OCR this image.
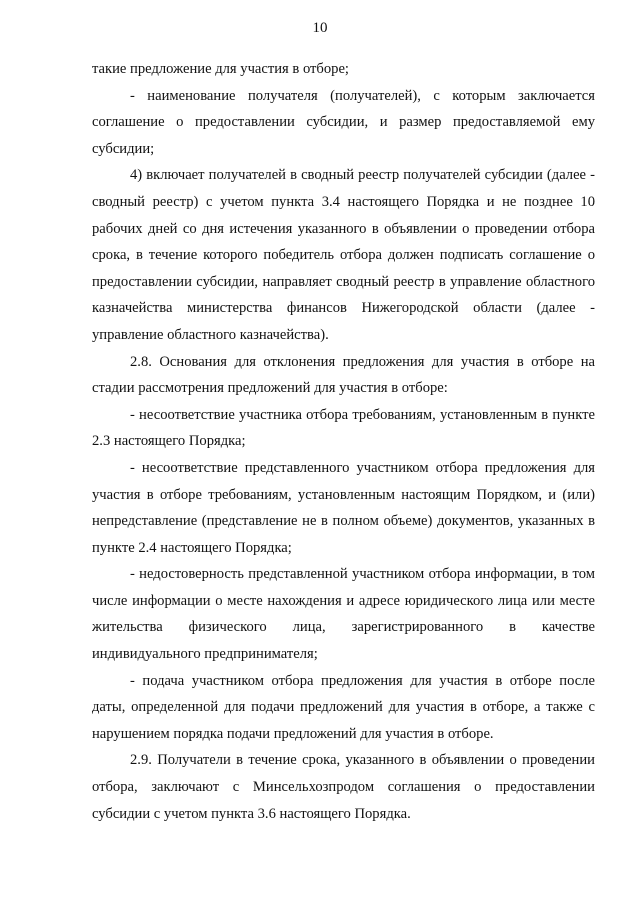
10

такие предложение для участия в отборе;

- наименование получателя (получателей), с которым заключается соглашение о предоставлении субсидии, и размер предоставляемой ему субсидии;

4) включает получателей в сводный реестр получателей субсидии (далее - сводный реестр) с учетом пункта 3.4 настоящего Порядка и не позднее 10 рабочих дней со дня истечения указанного в объявлении о проведении отбора срока, в течение которого победитель отбора должен подписать соглашение о предоставлении субсидии, направляет сводный реестр в управление областного казначейства министерства финансов Нижегородской области (далее - управление областного казначейства).

2.8. Основания для отклонения предложения для участия в отборе на стадии рассмотрения предложений для участия в отборе:

- несоответствие участника отбора требованиям, установленным в пункте 2.3 настоящего Порядка;

- несоответствие представленного участником отбора предложения для участия в отборе требованиям, установленным настоящим Порядком, и (или) непредставление (представление не в полном объеме) документов, указанных в пункте 2.4 настоящего Порядка;

- недостоверность представленной участником отбора информации, в том числе информации о месте нахождения и адресе юридического лица или месте жительства физического лица, зарегистрированного в качестве индивидуального предпринимателя;

- подача участником отбора предложения для участия в отборе после даты, определенной для подачи предложений для участия в отборе, а также с нарушением порядка подачи предложений для участия в отборе.

2.9. Получатели в течение срока, указанного в объявлении о проведении отбора, заключают с Минсельхозпродом соглашения о предоставлении субсидии с учетом пункта 3.6 настоящего Порядка.
